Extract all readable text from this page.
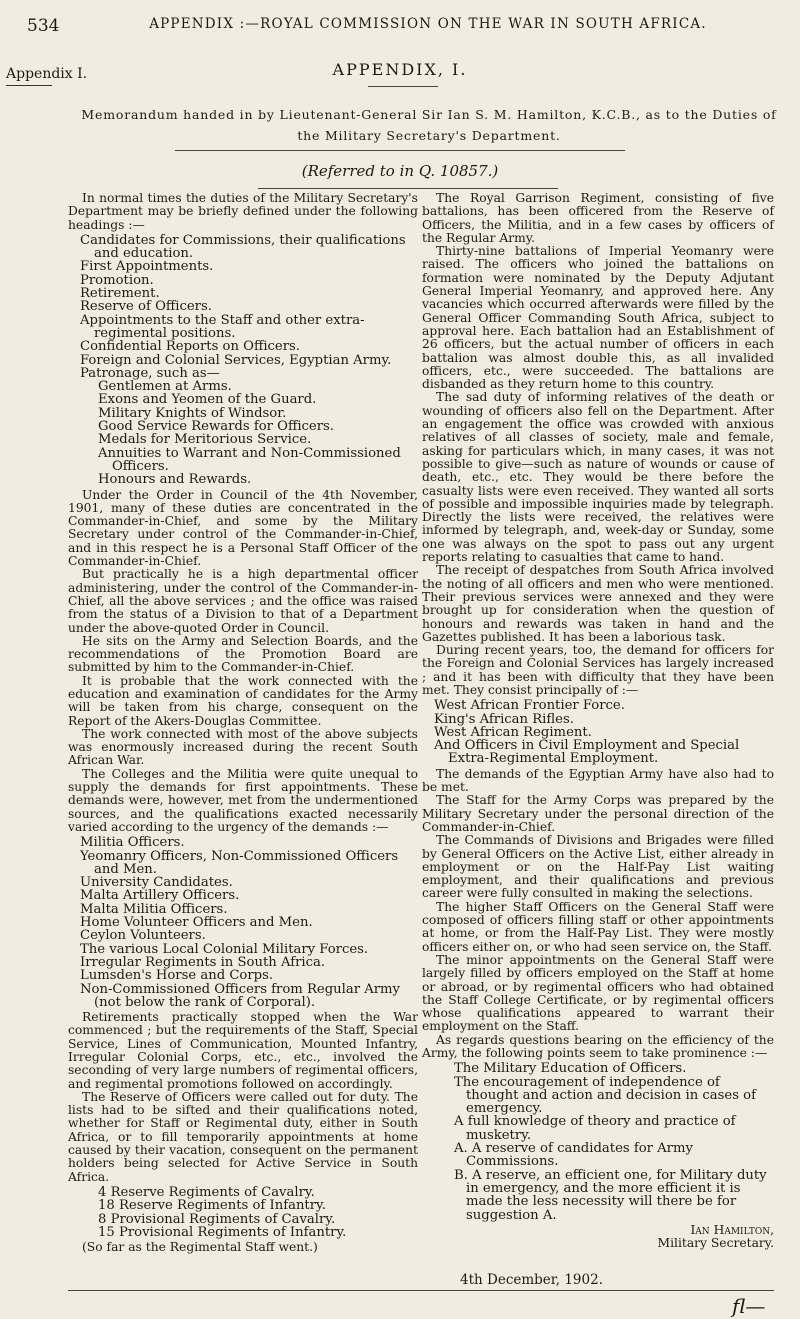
534	APPENDIX :—ROYAL COMMISSION ON THE WAR IN SOUTH AFRICA.
Appendix I.	APPENDIX, I.
Memorandum handed in by Lieutenant-General Sir Ian S. M. Hamilton, K.C.B., as to the Duties of the Military Secretary's Department.
(Referred to in Q. 10857.)

In normal times the duties of the Military Secretary's Department may be briefly defined under the following headings :—

Candidates for Commissions, their qualifications and education.
First Appointments.
Promotion.
Retirement.
Reserve of Officers.
Appointments to the Staff and other extra-regimental positions.
Confidential Reports on Officers.
Foreign and Colonial Services, Egyptian Army.
Patronage, such as—
Gentlemen at Arms.
Exons and Yeomen of the Guard.
Military Knights of Windsor.
Good Service Rewards for Officers.
Medals for Meritorious Service.
Annuities to Warrant and Non-Commissioned Officers.
Honours and Rewards.

Under the Order in Council of the 4th November, 1901, many of these duties are concentrated in the Commander-in-Chief, and some by the Military Secretary under control of the Commander-in-Chief, and in this respect he is a Personal Staff Officer of the Commander-in-Chief.

But practically he is a high departmental officer administering, under the control of the Commander-in-Chief, all the above services ; and the office was raised from the status of a Division to that of a Department under the above-quoted Order in Council.

He sits on the Army and Selection Boards, and the recommendations of the Promotion Board are submitted by him to the Commander-in-Chief.

It is probable that the work connected with the education and examination of candidates for the Army will be taken from his charge, consequent on the Report of the Akers-Douglas Committee.

The work connected with most of the above subjects was enormously increased during the recent South African War.

The Colleges and the Militia were quite unequal to supply the demands for first appointments. These demands were, however, met from the undermentioned sources, and the qualifications exacted necessarily varied according to the urgency of the demands :—

Militia Officers.
Yeomanry Officers, Non-Commissioned Officers and Men.
University Candidates.
Malta Artillery Officers.
Malta Militia Officers.
Home Volunteer Officers and Men.
Ceylon Volunteers.
The various Local Colonial Military Forces.
Irregular Regiments in South Africa.
Lumsden's Horse and Corps.
Non-Commissioned Officers from Regular Army (not below the rank of Corporal).

Retirements practically stopped when the War commenced ; but the requirements of the Staff, Special Service, Lines of Communication, Mounted Infantry, Irregular Colonial Corps, etc., etc., involved the seconding of very large numbers of regimental officers, and regimental promotions followed on accordingly.

The Reserve of Officers were called out for duty. The lists had to be sifted and their qualifications noted, whether for Staff or Regimental duty, either in South Africa, or to fill temporarily appointments at home caused by their vacation, consequent on the permanent holders being selected for Active Service in South Africa.

4 Reserve Regiments of Cavalry.
18 Reserve Regiments of Infantry.
8 Provisional Regiments of Cavalry.
15 Provisional Regiments of Infantry.

(So far as the Regimental Staff went.)

The Royal Garrison Regiment, consisting of five battalions, has been officered from the Reserve of Officers, the Militia, and in a few cases by officers of the Regular Army.

Thirty-nine battalions of Imperial Yeomanry were raised. The officers who joined the battalions on formation were nominated by the Deputy Adjutant General Imperial Yeomanry, and approved here. Any vacancies which occurred afterwards were filled by the General Officer Commanding South Africa, subject to approval here. Each battalion had an Establishment of 26 officers, but the actual number of officers in each battalion was almost double this, as all invalided officers, etc., were succeeded. The battalions are disbanded as they return home to this country.

The sad duty of informing relatives of the death or wounding of officers also fell on the Department. After an engagement the office was crowded with anxious relatives of all classes of society, male and female, asking for particulars which, in many cases, it was not possible to give—such as nature of wounds or cause of death, etc., etc. They would be there before the casualty lists were even received. They wanted all sorts of possible and impossible inquiries made by telegraph. Directly the lists were received, the relatives were informed by telegraph, and, week-day or Sunday, some one was always on the spot to pass out any urgent reports relating to casualties that came to hand.

The receipt of despatches from South Africa involved the noting of all officers and men who were mentioned. Their previous services were annexed and they were brought up for consideration when the question of honours and rewards was taken in hand and the Gazettes published. It has been a laborious task.

During recent years, too, the demand for officers for the Foreign and Colonial Services has largely increased ; and it has been with difficulty that they have been met. They consist principally of :—

West African Frontier Force.
King's African Rifles.
West African Regiment.
And Officers in Civil Employment and Special Extra-Regimental Employment.

The demands of the Egyptian Army have also had to be met.

The Staff for the Army Corps was prepared by the Military Secretary under the personal direction of the Commander-in-Chief.

The Commands of Divisions and Brigades were filled by General Officers on the Active List, either already in employment or on the Half-Pay List waiting employment, and their qualifications and previous career were fully consulted in making the selections.

The higher Staff Officers on the General Staff were composed of officers filling staff or other appointments at home, or from the Half-Pay List. They were mostly officers either on, or who had seen service on, the Staff.

The minor appointments on the General Staff were largely filled by officers employed on the Staff at home or abroad, or by regimental officers who had obtained the Staff College Certificate, or by regimental officers whose qualifications appeared to warrant their employment on the Staff.

As regards questions bearing on the efficiency of the Army, the following points seem to take prominence :—

The Military Education of Officers.
The encouragement of independence of thought and action and decision in cases of emergency.
A full knowledge of theory and practice of musketry.
A. A reserve of candidates for Army Commissions.
B. A reserve, an efficient one, for Military duty in emergency, and the more efficient it is made the less necessity will there be for suggestion A.
Ian Hamilton,
Military Secretary.
4th December, 1902.
fl—
